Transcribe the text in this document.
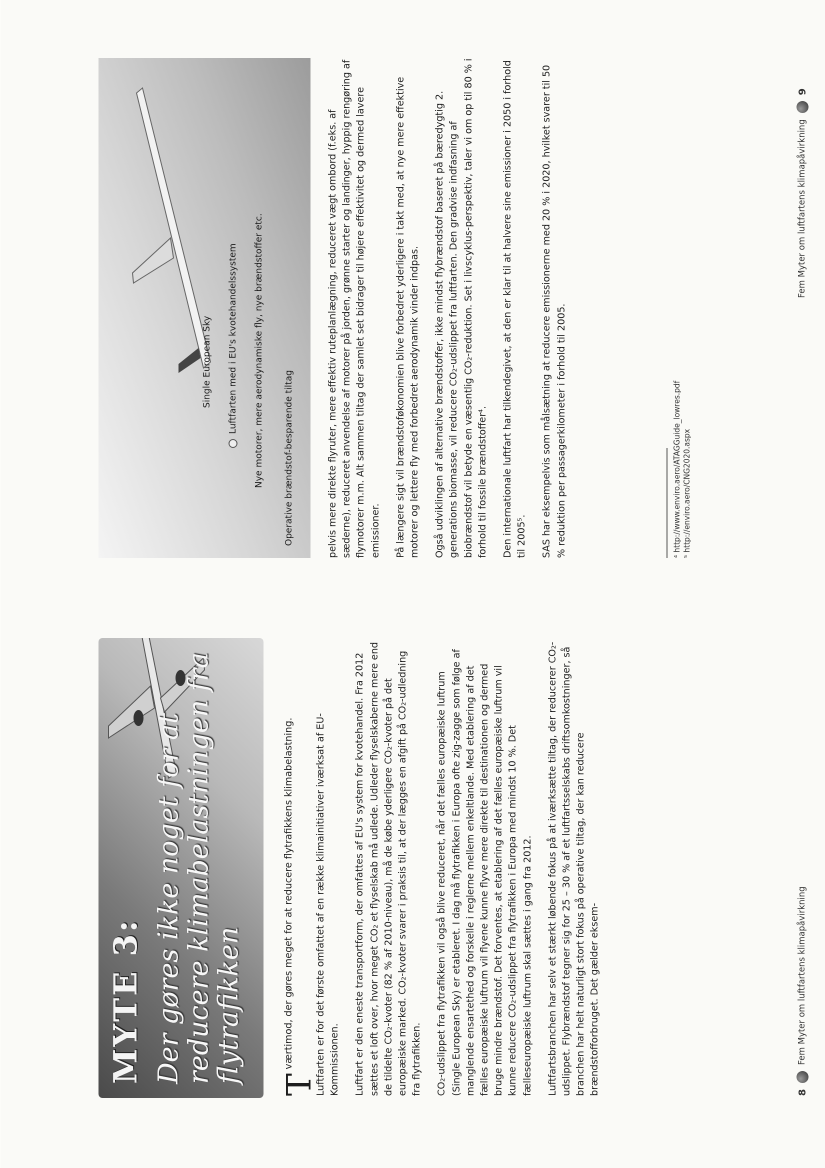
MYTE 3: Der gøres ikke noget for at reducere klimabelastningen fra flytrafikken

T
værtimod, der gøres meget for at reducere flytrafikkens klimabelastning. Luftfarten er for det første omfattet af en række klimainitiativer iværksat af EU-Kommissionen. Luftfart er den eneste transportform, der omfattes af EU's system for kvotehandel. Fra 2012 sættes et loft over, hvor meget CO₂ et flyselskab må udlede. Udleder flyselskaberne mere end de tildelte CO₂-kvoter (82 % af 2010-niveau), må de købe yderligere CO₂-kvoter på det europæiske marked. CO₂-kvoter svarer i praksis til, at der lægges en afgift på CO₂-udledning fra flytrafikken. CO₂-udslippet fra flytrafikken vil også blive reduceret, når det fælles europæiske luftrum (Single European Sky) er etableret. I dag må flytrafikken i Europa ofte zig-zagge som følge af manglende ensartethed og forskelle i reglerne mellem enkeltlande. Med etablering af det fælles europæiske luftrum vil flyene kunne flyve mere direkte til destinationen og dermed bruge mindre brændstof. Det forventes, at etablering af det fælles europæiske luftrum vil kunne reducere CO₂-udslippet fra flytrafikken i Europa med mindst 10 %. Det fælleseuropæiske luftrum skal sættes i gang fra 2012. Luftfartsbranchen har selv et stærkt løbende fokus på at iværksætte tiltag, der reducerer CO₂-udslippet. Flybrændstof tegner sig for 25 – 30 % af et luftfartsselskabs driftsomkostninger, så branchen har helt naturligt stort fokus på operative tiltag, der kan reducere brændstofforbruget. Det gælder eksem-	8
Fem Myter om luftfartens klimapåvirkning
Single European Sky Luftfarten med i EU's kvotehandelssystem Nye motorer, mere aerodynamiske fly, nye brændstoffer etc. Operative brændstof-besparende tiltag	pelvis mere direkte flyruter, mere effektiv ruteplanlægning, reduceret vægt ombord (f.eks. af sæderne), reduceret anvendelse af motorer på jorden, grønne starter og landinger, hyppig rengøring af flymotorer m.m. Alt sammen tiltag der samlet set bidrager til højere effektivitet og dermed lavere emissioner. På længere sigt vil brændstoføkonomien blive forbedret yderligere i takt med, at nye mere effektive motorer og lettere fly med forbedret aerodynamik vinder indpas. Også udviklingen af alternative brændstoffer, ikke mindst flybrændstof baseret på bæredygtig 2. generations biomasse, vil reducere CO₂-udslippet fra luftfarten. Den gradvise indfasning af biobrændstof vil betyde en væsentlig CO₂-reduktion. Set i livscyklus-perspektiv, taler vi om op til 80 % i forhold til fossile brændstoffer⁴. Den internationale luftfart har tilkendegivet, at den er klar til at halvere sine emissioner i 2050 i forhold til 2005⁵. SAS har eksempelvis som målsætning at reducere emissionerne med 20 % i 2020, hvilket svarer til 50 % reduktion per passagerkilometer i forhold til 2005.	⁴ http://www.enviro.aero/ATAGGuide_lowres.pdf ⁵ http://enviro.aero/CNG2020.aspx
Fem Myter om luftfartens klimapåvirkning
9
